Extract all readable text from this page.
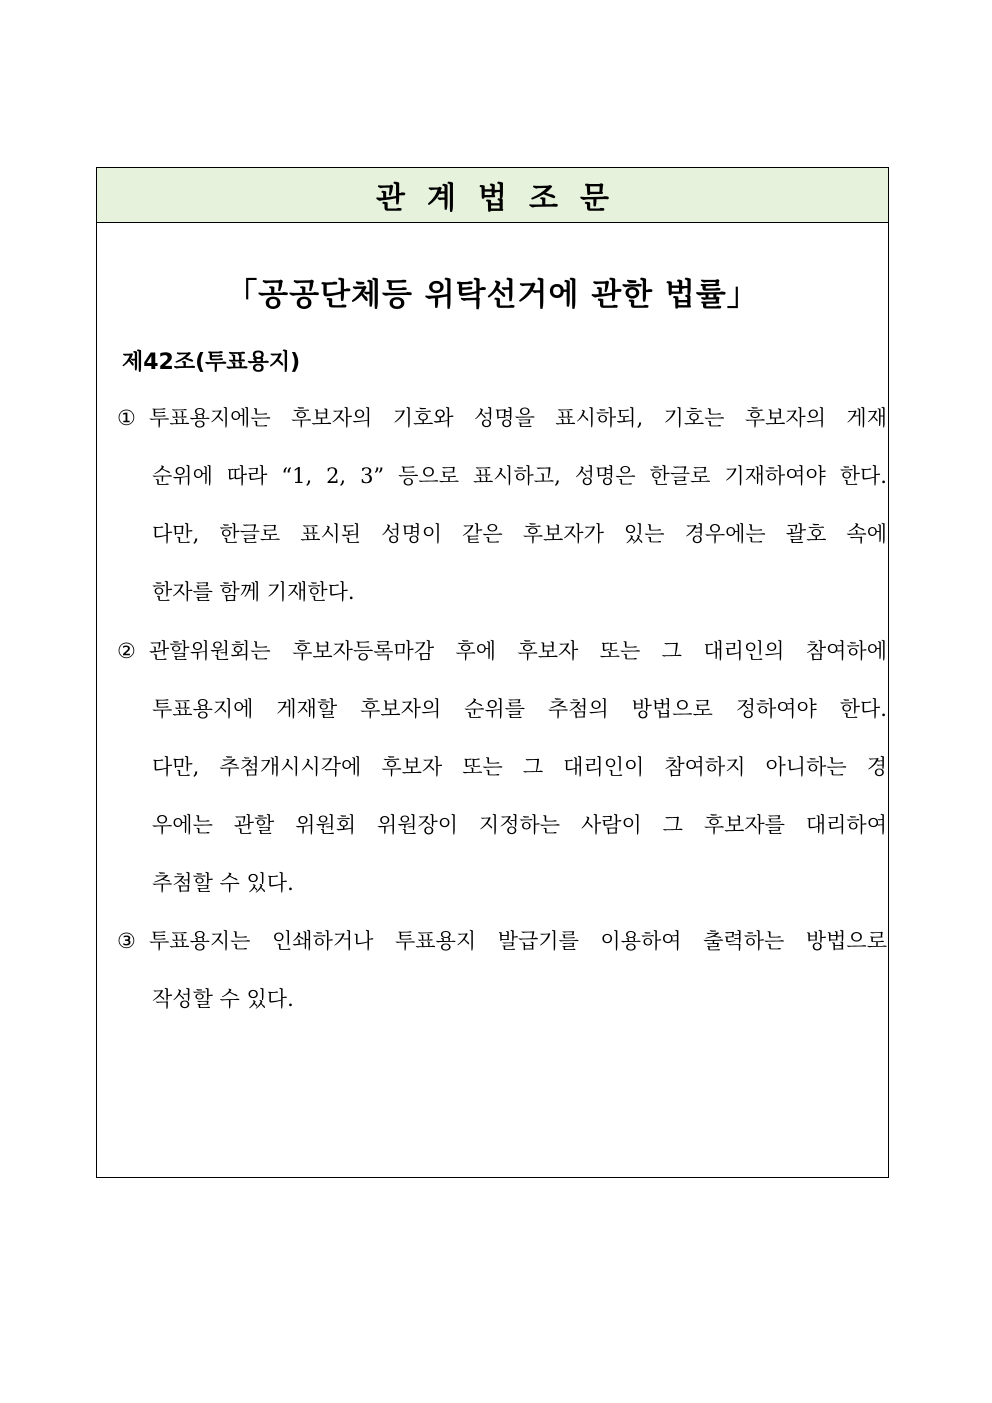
관계법조문
「공공단체등 위탁선거에 관한 법률」
제42조(투표용지)
① 투표용지에는 후보자의 기호와 성명을 표시하되, 기호는 후보자의 게재
순위에 따라 “1, 2, 3” 등으로 표시하고, 성명은 한글로 기재하여야 한다.
다만, 한글로 표시된 성명이 같은 후보자가 있는 경우에는 괄호 속에
한자를 함께 기재한다.
② 관할위원회는 후보자등록마감 후에 후보자 또는 그 대리인의 참여하에
투표용지에 게재할 후보자의 순위를 추첨의 방법으로 정하여야 한다.
다만, 추첨개시시각에 후보자 또는 그 대리인이 참여하지 아니하는 경
우에는 관할 위원회 위원장이 지정하는 사람이 그 후보자를 대리하여
추첨할 수 있다.
③ 투표용지는 인쇄하거나 투표용지 발급기를 이용하여 출력하는 방법으로
작성할 수 있다.
